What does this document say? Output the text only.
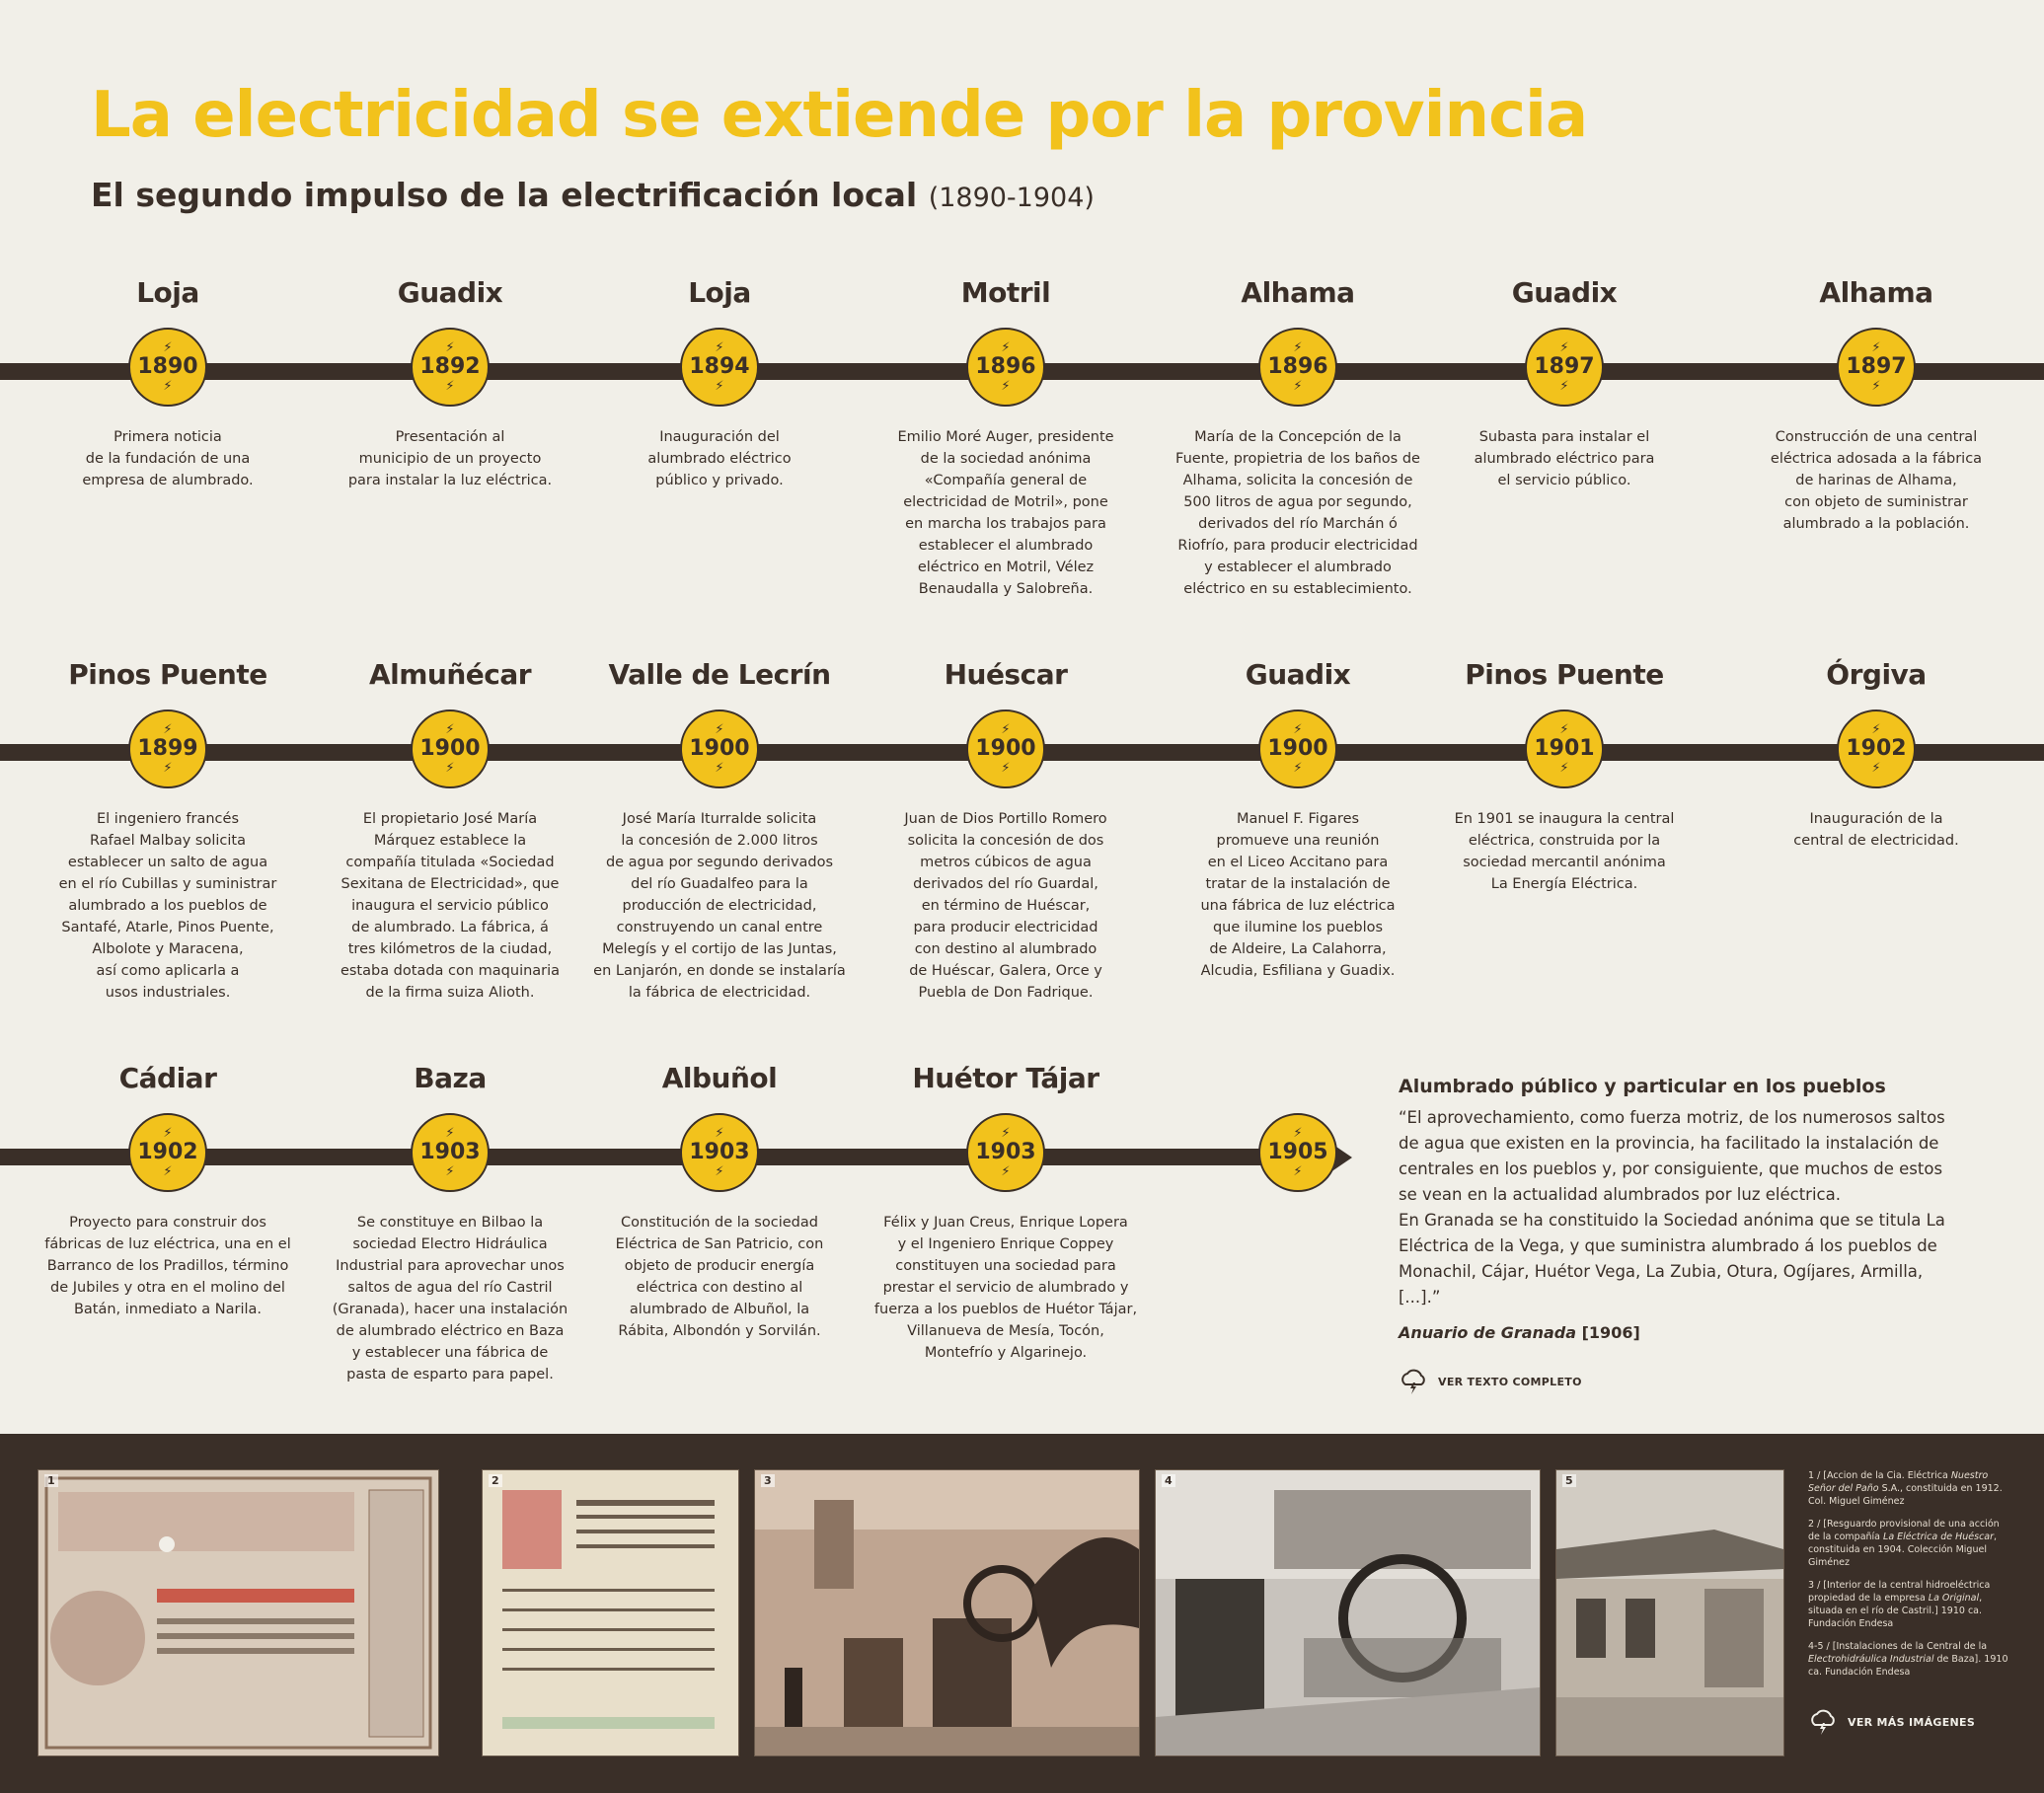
La electricidad se extiende por la provincia
El segundo impulso de la electrificación local (1890-1904)
Loja
⚡
1890
⚡

Primera noticia
de la fundación de una
empresa de alumbrado.

Guadix
⚡
1892
⚡

Presentación al
municipio de un proyecto
para instalar la luz eléctrica.

Loja
⚡
1894
⚡

Inauguración del
alumbrado eléctrico
público y privado.

Motril
⚡
1896
⚡

Emilio Moré Auger, presidente
de la sociedad anónima
«Compañía general de
electricidad de Motril», pone
en marcha los trabajos para
establecer el alumbrado
eléctrico en Motril, Vélez
Benaudalla y Salobreña.

Alhama
⚡
1896
⚡

María de la Concepción de la
Fuente, propietria de los baños de
Alhama, solicita la concesión de
500 litros de agua por segundo,
derivados del río Marchán ó
Riofrío, para producir electricidad
y establecer el alumbrado
eléctrico en su establecimiento.

Guadix
⚡
1897
⚡

Subasta para instalar el
alumbrado eléctrico para
el servicio público.

Alhama
⚡
1897
⚡

Construcción de una central
eléctrica adosada a la fábrica
de harinas de Alhama,
con objeto de suministrar
alumbrado a la población.

Pinos Puente
⚡
1899
⚡

El ingeniero francés
Rafael Malbay solicita
establecer un salto de agua
en el río Cubillas y suministrar
alumbrado a los pueblos de
Santafé, Atarle, Pinos Puente,
Albolote y Maracena,
así como aplicarla a
usos industriales.

Almuñécar
⚡
1900
⚡

El propietario José María
Márquez establece la
compañía titulada «Sociedad
Sexitana de Electricidad», que
inaugura el servicio público
de alumbrado. La fábrica, á
tres kilómetros de la ciudad,
estaba dotada con maquinaria
de la firma suiza Alioth.

Valle de Lecrín
⚡
1900
⚡

José María Iturralde solicita
la concesión de 2.000 litros
de agua por segundo derivados
del río Guadalfeo para la
producción de electricidad,
construyendo un canal entre
Melegís y el cortijo de las Juntas,
en Lanjarón, en donde se instalaría
la fábrica de electricidad.

Huéscar
⚡
1900
⚡

Juan de Dios Portillo Romero
solicita la concesión de dos
metros cúbicos de agua
derivados del río Guardal,
en término de Huéscar,
para producir electricidad
con destino al alumbrado
de Huéscar, Galera, Orce y
Puebla de Don Fadrique.

Guadix
⚡
1900
⚡

Manuel F. Figares
promueve una reunión
en el Liceo Accitano para
tratar de la instalación de
una fábrica de luz eléctrica
que ilumine los pueblos
de Aldeire, La Calahorra,
Alcudia, Esfiliana y Guadix.

Pinos Puente
⚡
1901
⚡

En 1901 se inaugura la central
eléctrica, construida por la
sociedad mercantil anónima
La Energía Eléctrica.

Órgiva
⚡
1902
⚡

Inauguración de la
central de electricidad.

Cádiar
⚡
1902
⚡

Proyecto para construir dos
fábricas de luz eléctrica, una en el
Barranco de los Pradillos, término
de Jubiles y otra en el molino del
Batán, inmediato a Narila.

Baza
⚡
1903
⚡

Se constituye en Bilbao la
sociedad Electro Hidráulica
Industrial para aprovechar unos
saltos de agua del río Castril
(Granada), hacer una instalación
de alumbrado eléctrico en Baza
y establecer una fábrica de
pasta de esparto para papel.

Albuñol
⚡
1903
⚡

Constitución de la sociedad
Eléctrica de San Patricio, con
objeto de producir energía
eléctrica con destino al
alumbrado de Albuñol, la
Rábita, Albondón y Sorvilán.

Huétor Tájar
⚡
1903
⚡

Félix y Juan Creus, Enrique Lopera
y el Ingeniero Enrique Coppey
constituyen una sociedad para
prestar el servicio de alumbrado y
fuerza a los pueblos de Huétor Tájar,
Villanueva de Mesía, Tocón,
Montefrío y Algarinejo.

⚡
1905
⚡

Alumbrado público y particular en los pueblos

“El aprovechamiento, como fuerza motriz, de los numerosos saltos de agua que existen en la provincia, ha facilitado la instalación de centrales en los pueblos y, por consiguiente, que muchos de estos se vean en la actualidad alumbrados por luz eléctrica.

En Granada se ha constituido la Sociedad anónima que se titula La Eléctrica de la Vega, y que suministra alumbrado á los pueblos de Monachil, Cájar, Huétor Vega, La Zubia, Otura, Ogíjares, Armilla, [...].”

Anuario de Granada [1906]

VER TEXTO COMPLETO
1	2	3	4	5	1 / [Accion de la Cia. Eléctrica Nuestro Señor del Paño S.A., constituida en 1912. Col. Miguel Giménez

2 / [Resguardo provisional de una acción de la compañía La Eléctrica de Huéscar, constituida en 1904. Colección Miguel Giménez

3 / [Interior de la central hidroeléctrica propiedad de la empresa La Original, situada en el río de Castril.] 1910 ca. Fundación Endesa

4-5 / [Instalaciones de la Central de la Electrohidráulica Industrial de Baza]. 1910 ca. Fundación Endesa

VER MÁS IMÁGENES
